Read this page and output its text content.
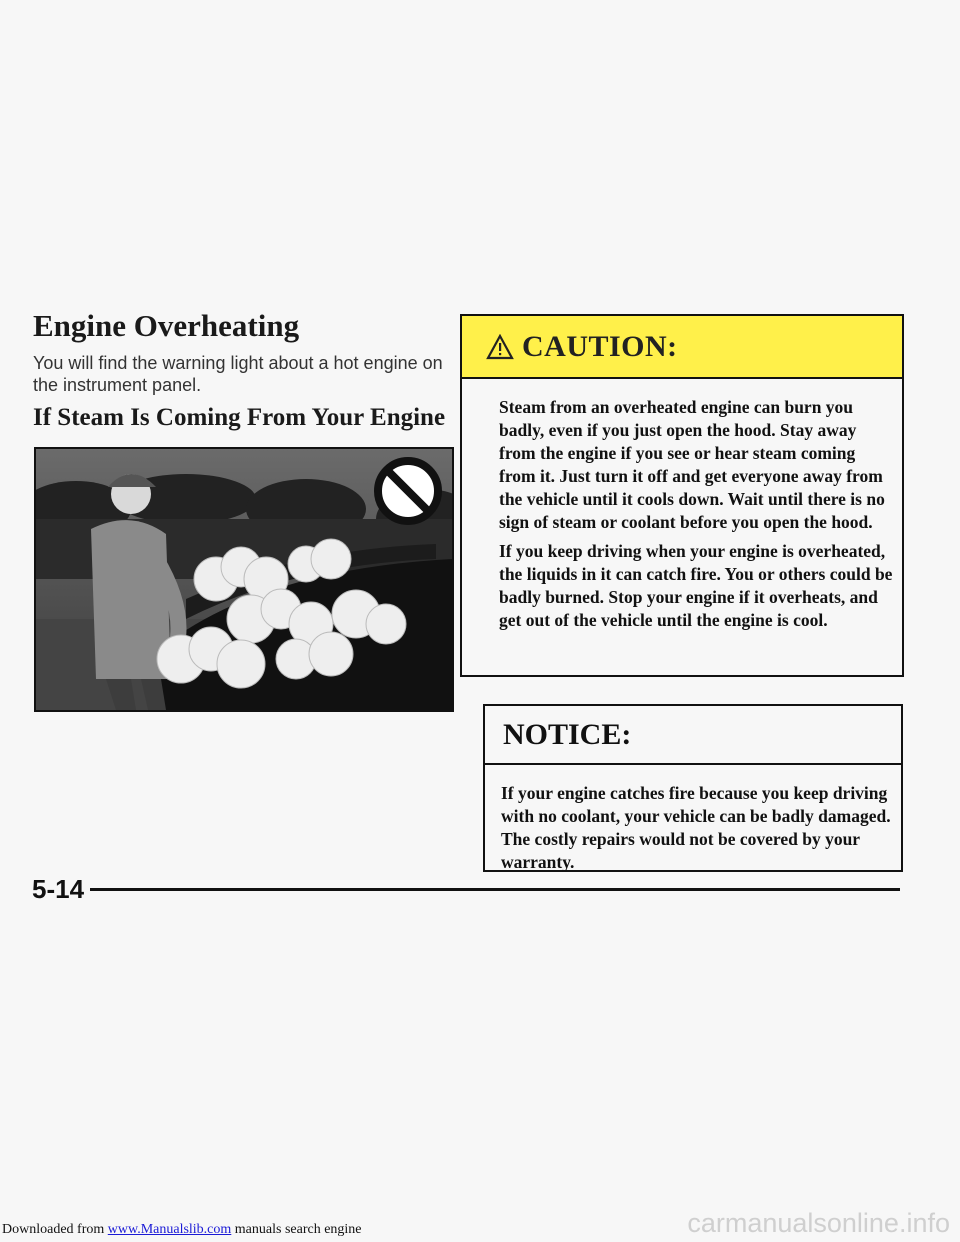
Engine Overheating
You will find the warning light about a hot engine on the instrument panel.
If Steam Is Coming From Your Engine
CAUTION:

Steam from an overheated engine can burn you badly, even if you just open the hood. Stay away from the engine if you see or hear steam coming from it. Just turn it off and get everyone away from the vehicle until it cools down. Wait until there is no sign of steam or coolant before you open the hood.

If you keep driving when your engine is overheated, the liquids in it can catch fire. You or others could be badly burned. Stop your engine if it overheats, and get out of the vehicle until the engine is cool.

NOTICE:
If your engine catches fire because you keep driving with no coolant, your vehicle can be badly damaged. The costly repairs would not be covered by your warranty.
5-14
Downloaded from www.Manualslib.com manuals search engine	carmanualsonline.info
